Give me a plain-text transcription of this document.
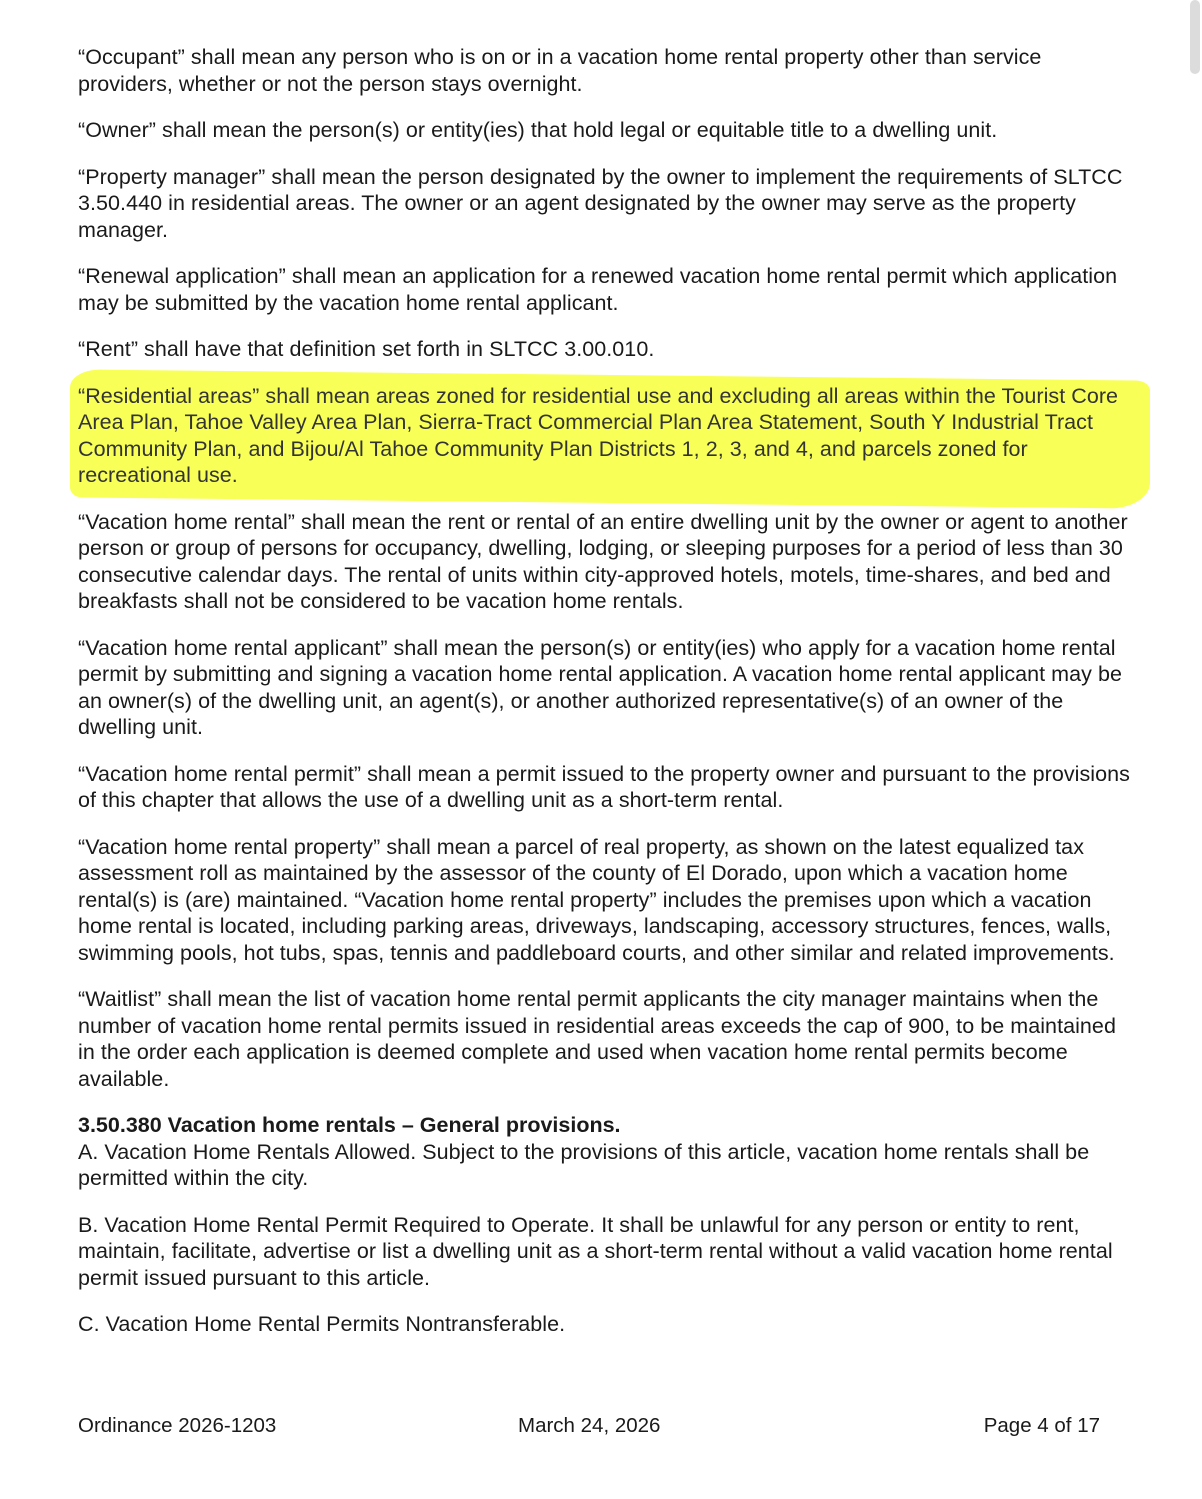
“Occupant” shall mean any person who is on or in a vacation home rental property other than service providers, whether or not the person stays overnight.

“Owner” shall mean the person(s) or entity(ies) that hold legal or equitable title to a dwelling unit.

“Property manager” shall mean the person designated by the owner to implement the requirements of SLTCC 3.50.440 in residential areas. The owner or an agent designated by the owner may serve as the property manager.

“Renewal application” shall mean an application for a renewed vacation home rental permit which application may be submitted by the vacation home rental applicant.

“Rent” shall have that definition set forth in SLTCC 3.00.010.

“Residential areas” shall mean areas zoned for residential use and excluding all areas within the Tourist Core Area Plan, Tahoe Valley Area Plan, Sierra-Tract Commercial Plan Area Statement, South Y Industrial Tract Community Plan, and Bijou/Al Tahoe Community Plan Districts 1, 2, 3, and 4, and parcels zoned for recreational use.

“Vacation home rental” shall mean the rent or rental of an entire dwelling unit by the owner or agent to another person or group of persons for occupancy, dwelling, lodging, or sleeping purposes for a period of less than 30 consecutive calendar days. The rental of units within city-approved hotels, motels, time-shares, and bed and breakfasts shall not be considered to be vacation home rentals.

“Vacation home rental applicant” shall mean the person(s) or entity(ies) who apply for a vacation home rental permit by submitting and signing a vacation home rental application. A vacation home rental applicant may be an owner(s) of the dwelling unit, an agent(s), or another authorized representative(s) of an owner of the dwelling unit.

“Vacation home rental permit” shall mean a permit issued to the property owner and pursuant to the provisions of this chapter that allows the use of a dwelling unit as a short-term rental.

“Vacation home rental property” shall mean a parcel of real property, as shown on the latest equalized tax assessment roll as maintained by the assessor of the county of El Dorado, upon which a vacation home rental(s) is (are) maintained. “Vacation home rental property” includes the premises upon which a vacation home rental is located, including parking areas, driveways, landscaping, accessory structures, fences, walls, swimming pools, hot tubs, spas, tennis and paddleboard courts, and other similar and related improvements.

“Waitlist” shall mean the list of vacation home rental permit applicants the city manager maintains when the number of vacation home rental permits issued in residential areas exceeds the cap of 900, to be maintained in the order each application is deemed complete and used when vacation home rental permits become available.

3.50.380 Vacation home rentals – General provisions.

A. Vacation Home Rentals Allowed. Subject to the provisions of this article, vacation home rentals shall be permitted within the city.

B. Vacation Home Rental Permit Required to Operate. It shall be unlawful for any person or entity to rent, maintain, facilitate, advertise or list a dwelling unit as a short-term rental without a valid vacation home rental permit issued pursuant to this article.

C. Vacation Home Rental Permits Nontransferable.

Ordinance 2026-1203	March 24, 2026	Page 4 of 17
